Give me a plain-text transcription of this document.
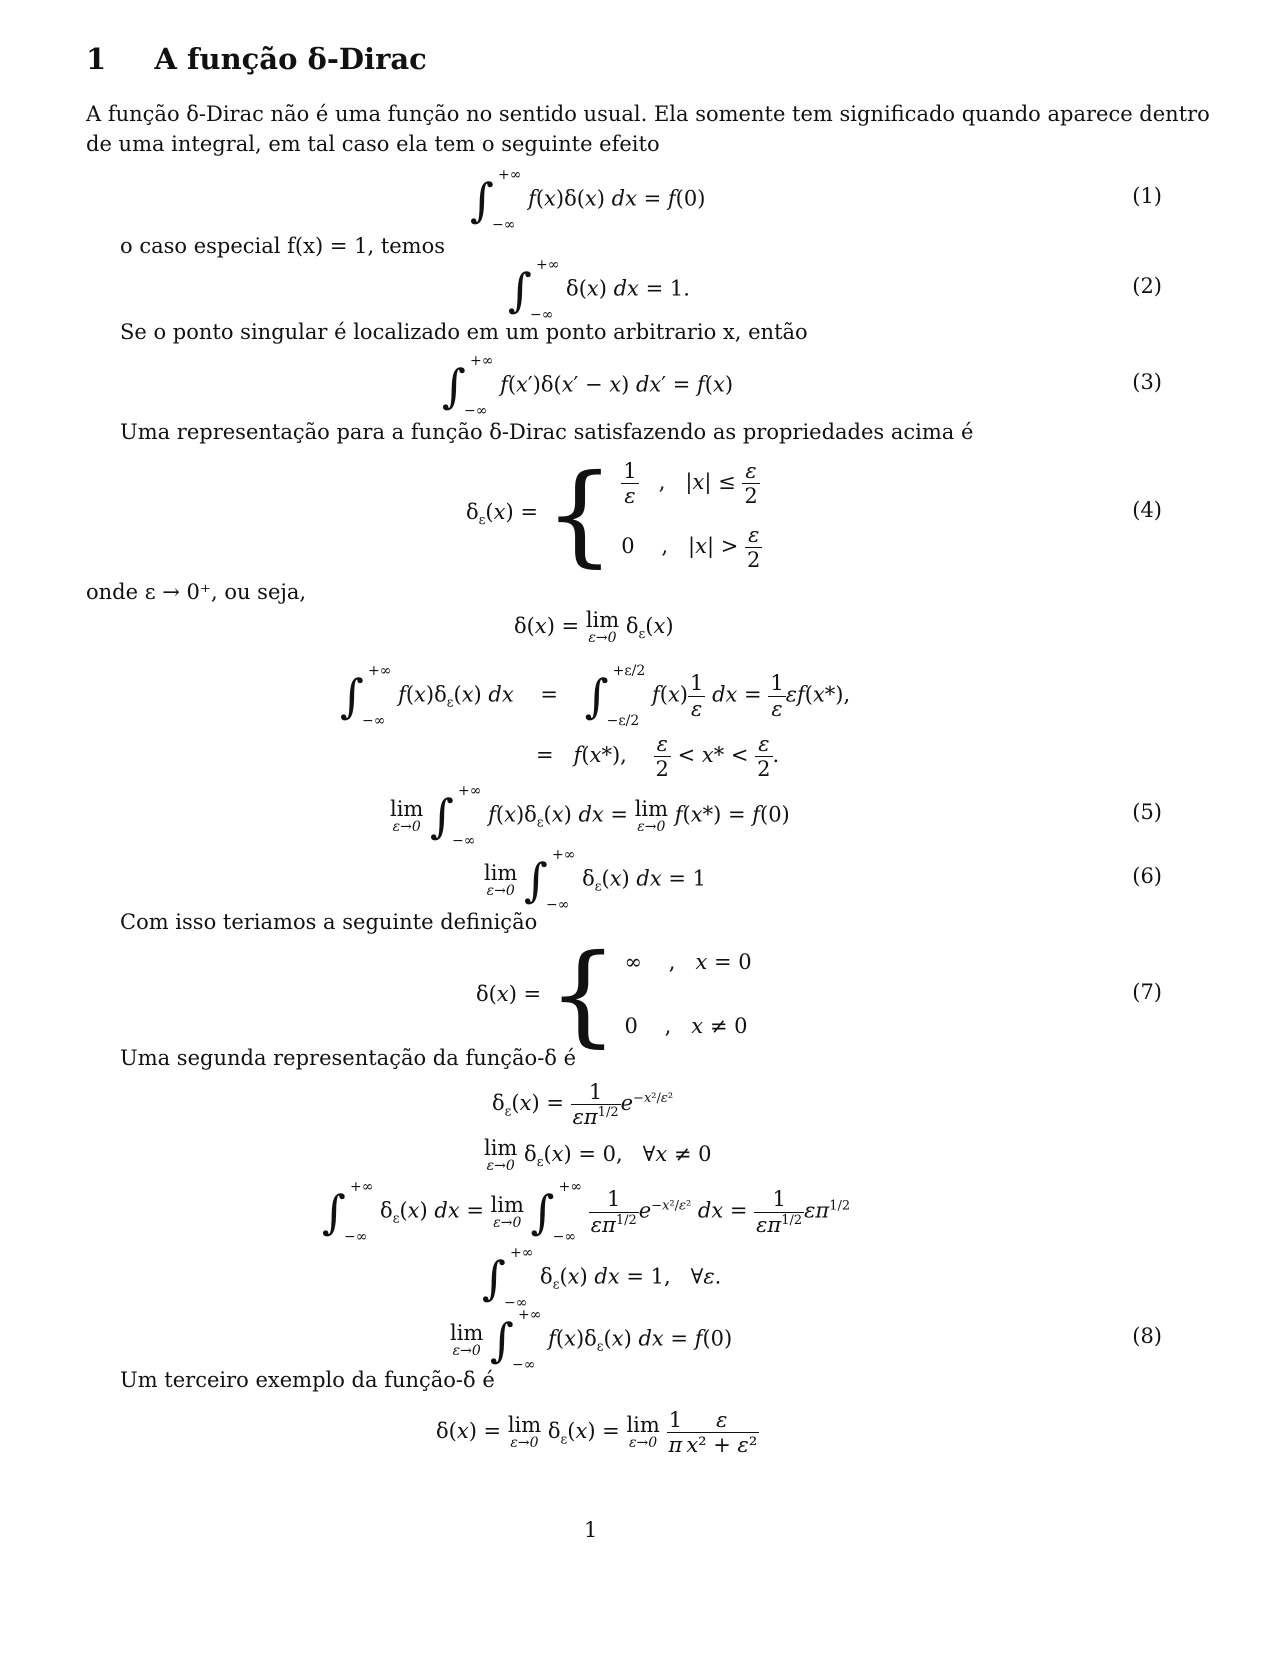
1 A função δ-Dirac
A função δ-Dirac não é uma função no sentido usual. Ela somente tem significado quando aparece dentro
de uma integral, em tal caso ela tem o seguinte efeito
∫ +∞
−∞
f(x)δ(x) dx = f(0)	(1)
o caso especial f(x) = 1, temos
∫ +∞
−∞
δ(x) dx = 1.	(2)
Se o ponto singular é localizado em um ponto arbitrario x, então
∫ +∞
−∞
f(x′)δ(x′ − x) dx′ = f(x)	(3)
Uma representação para a função δ-Dirac satisfazendo as propriedades acima é
$\delta_\varepsilon(x)$ = { $\frac{1}{\varepsilon}$ ,   $|x| \le \frac{\varepsilon}{2}$
0    ,   $|x| > \frac{\varepsilon}{2}$
(4)
onde ε → 0⁺, ou seja,
δ(x) = lim
ε→0 $\delta_\varepsilon(x)$
∫ +∞
−∞
$f(x)\delta_\varepsilon(x)$ dx    =    ∫ +ε/2
−ε/2
$f(x) \frac{1}{\varepsilon}$ dx = $\frac{1}{\varepsilon} \varepsilon f(x*)$,
=   f(x*), $\frac{\varepsilon}{2} < x* < \frac{\varepsilon}{2}$ .
lim
ε→0 ∫ +∞
−∞
$f(x)\delta_\varepsilon(x)$ dx = lim
ε→0 f(x*) = f(0)	(5)
lim
ε→0 ∫ +∞
−∞
$\delta_\varepsilon(x)$ dx = 1	(6)
Com isso teriamos a seguinte definição
δ(x) = { ∞    ,   x = 0
0    ,   x ≠ 0
(7)
Uma segunda representação da função-δ é
$\delta_\varepsilon(x) = \frac{1}{\varepsilon\pi^{1/2}} e^{-x^2/\varepsilon^2}$
lim
ε→0 $\delta_\varepsilon(x) = 0$,   ∀x ≠ 0
∫ +∞
−∞
$\delta_\varepsilon(x)$ dx = lim
ε→0 ∫ +∞
−∞

$\frac{1}{\varepsilon\pi^{1/2}} e^{-x^2/\varepsilon^2}$ dx = $\frac{1}{\varepsilon\pi^{1/2}} \varepsilon\pi^{1/2}$
∫ +∞
−∞
$\delta_\varepsilon(x)$ dx = 1,   ∀ε.
lim
ε→0 ∫ +∞
−∞
$f(x)\delta_\varepsilon(x)$ dx = f(0)	(8)
Um terceiro exemplo da função-δ é
δ(x) = lim
ε→0 $\delta_\varepsilon(x) = \lim$
ε→0
$\frac{1}{\pi} \frac{\varepsilon}{\text{x² + ε²}}$
1
